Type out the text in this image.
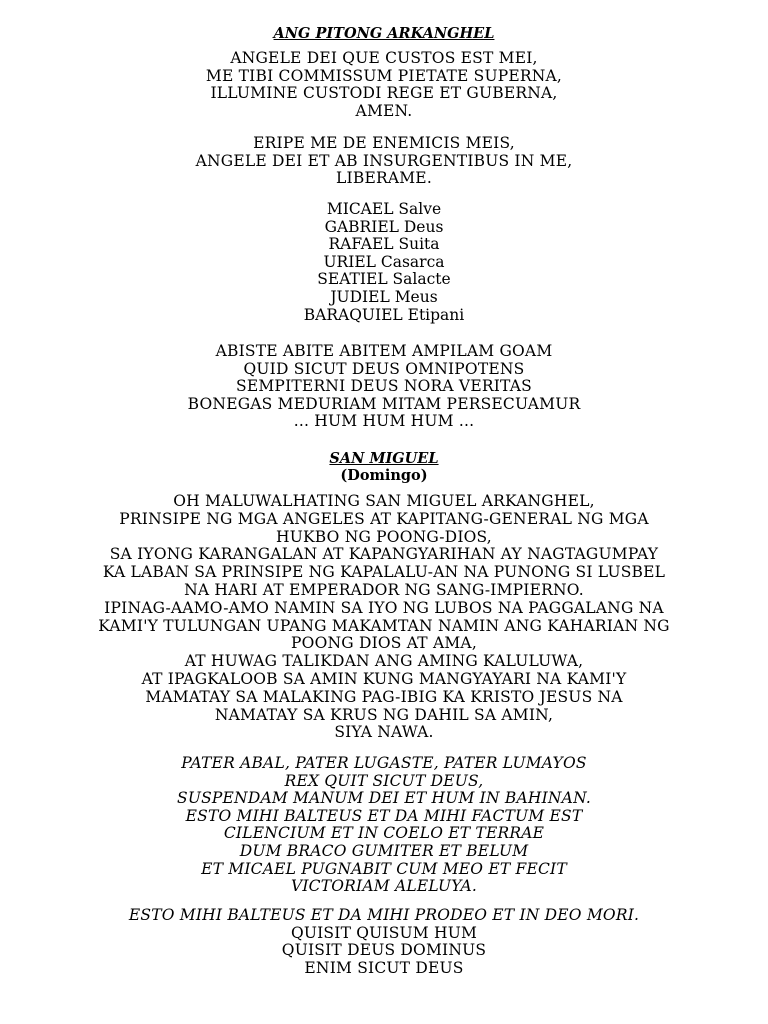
ANG PITONG ARKANGHEL
ANGELE DEI QUE CUSTOS EST MEI,
ME TIBI COMMISSUM PIETATE SUPERNA,
ILLUMINE CUSTODI REGE ET GUBERNA,
AMEN.
ERIPE ME DE ENEMICIS MEIS,
ANGELE DEI ET AB INSURGENTIBUS IN ME,
LIBERAME.
MICAEL Salve
GABRIEL Deus
RAFAEL Suita
URIEL Casarca
SEATIEL Salacte
JUDIEL Meus
BARAQUIEL Etipani
ABISTE ABITE ABITEM AMPILAM GOAM
QUID SICUT DEUS OMNIPOTENS
SEMPITERNI DEUS NORA VERITAS
BONEGAS MEDURIAM MITAM PERSECUAMUR
... HUM HUM HUM ...
SAN MIGUEL
(Domingo)
OH MALUWALHATING SAN MIGUEL ARKANGHEL,
PRINSIPE NG MGA ANGELES AT KAPITANG-GENERAL NG MGA
HUKBO NG POONG-DIOS,
SA IYONG KARANGALAN AT KAPANGYARIHAN AY NAGTAGUMPAY
KA LABAN SA PRINSIPE NG KAPALALU-AN NA PUNONG SI LUSBEL
NA HARI AT EMPERADOR NG SANG-IMPIERNO.
IPINAG-AAMO-AMO NAMIN SA IYO NG LUBOS NA PAGGALANG NA
KAMI'Y TULUNGAN UPANG MAKAMTAN NAMIN ANG KAHARIAN NG
POONG DIOS AT AMA,
AT HUWAG TALIKDAN ANG AMING KALULUWA,
AT IPAGKALOOB SA AMIN KUNG MANGYAYARI NA KAMI'Y
MAMATAY SA MALAKING PAG-IBIG KA KRISTO JESUS NA
NAMATAY SA KRUS NG DAHIL SA AMIN,
SIYA NAWA.
PATER ABAL, PATER LUGASTE, PATER LUMAYOS
REX QUIT SICUT DEUS,
SUSPENDAM MANUM DEI ET HUM IN BAHINAN.
ESTO MIHI BALTEUS ET DA MIHI FACTUM EST
CILENCIUM ET IN COELO ET TERRAE
DUM BRACO GUMITER ET BELUM
ET MICAEL PUGNABIT CUM MEO ET FECIT
VICTORIAM ALELUYA.
ESTO MIHI BALTEUS ET DA MIHI PRODEO ET IN DEO MORI.
QUISIT QUISUM HUM
QUISIT DEUS DOMINUS
ENIM SICUT DEUS
